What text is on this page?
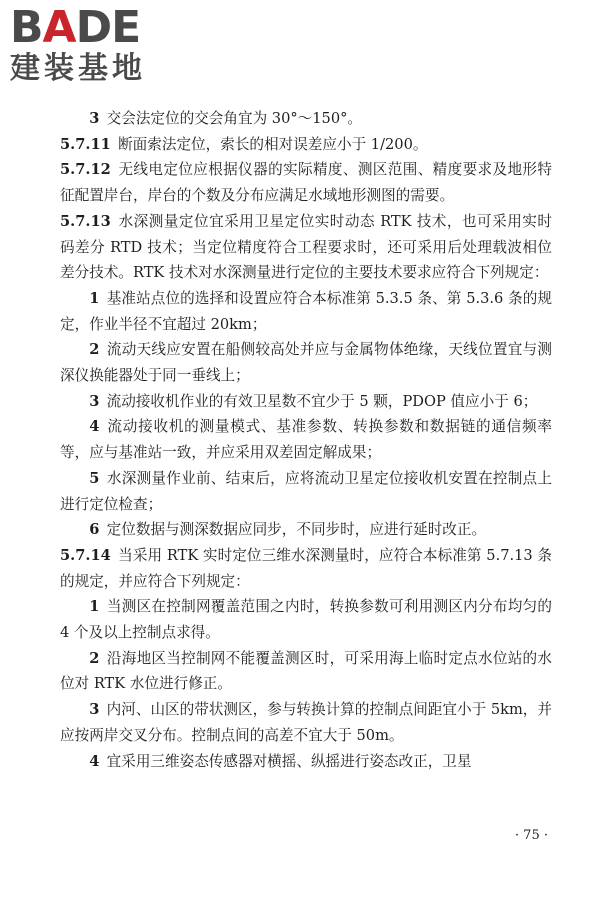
BADE
建装基地

3 交会法定位的交会角宜为 30°～150°。

5.7.11 断面索法定位，索长的相对误差应小于 1/200。

5.7.12 无线电定位应根据仪器的实际精度、测区范围、精度要求及地形特征配置岸台，岸台的个数及分布应满足水域地形测图的需要。

5.7.13 水深测量定位宜采用卫星定位实时动态 RTK 技术，也可采用实时码差分 RTD 技术；当定位精度符合工程要求时，还可采用后处理载波相位差分技术。RTK 技术对水深测量进行定位的主要技术要求应符合下列规定：

1 基准站点位的选择和设置应符合本标准第 5.3.5 条、第 5.3.6 条的规定，作业半径不宜超过 20km；

2 流动天线应安置在船侧较高处并应与金属物体绝缘，天线位置宜与测深仪换能器处于同一垂线上；

3 流动接收机作业的有效卫星数不宜少于 5 颗，PDOP 值应小于 6；

4 流动接收机的测量模式、基准参数、转换参数和数据链的通信频率等，应与基准站一致，并应采用双差固定解成果；

5 水深测量作业前、结束后，应将流动卫星定位接收机安置在控制点上进行定位检查；

6 定位数据与测深数据应同步，不同步时，应进行延时改正。

5.7.14 当采用 RTK 实时定位三维水深测量时，应符合本标准第 5.7.13 条的规定，并应符合下列规定：

1 当测区在控制网覆盖范围之内时，转换参数可利用测区内分布均匀的 4 个及以上控制点求得。

2 沿海地区当控制网不能覆盖测区时，可采用海上临时定点水位站的水位对 RTK 水位进行修正。

3 内河、山区的带状测区，参与转换计算的控制点间距宜小于 5km，并应按两岸交叉分布。控制点间的高差不宜大于 50m。

4 宜采用三维姿态传感器对横摇、纵摇进行姿态改正，卫星

· 75 ·
